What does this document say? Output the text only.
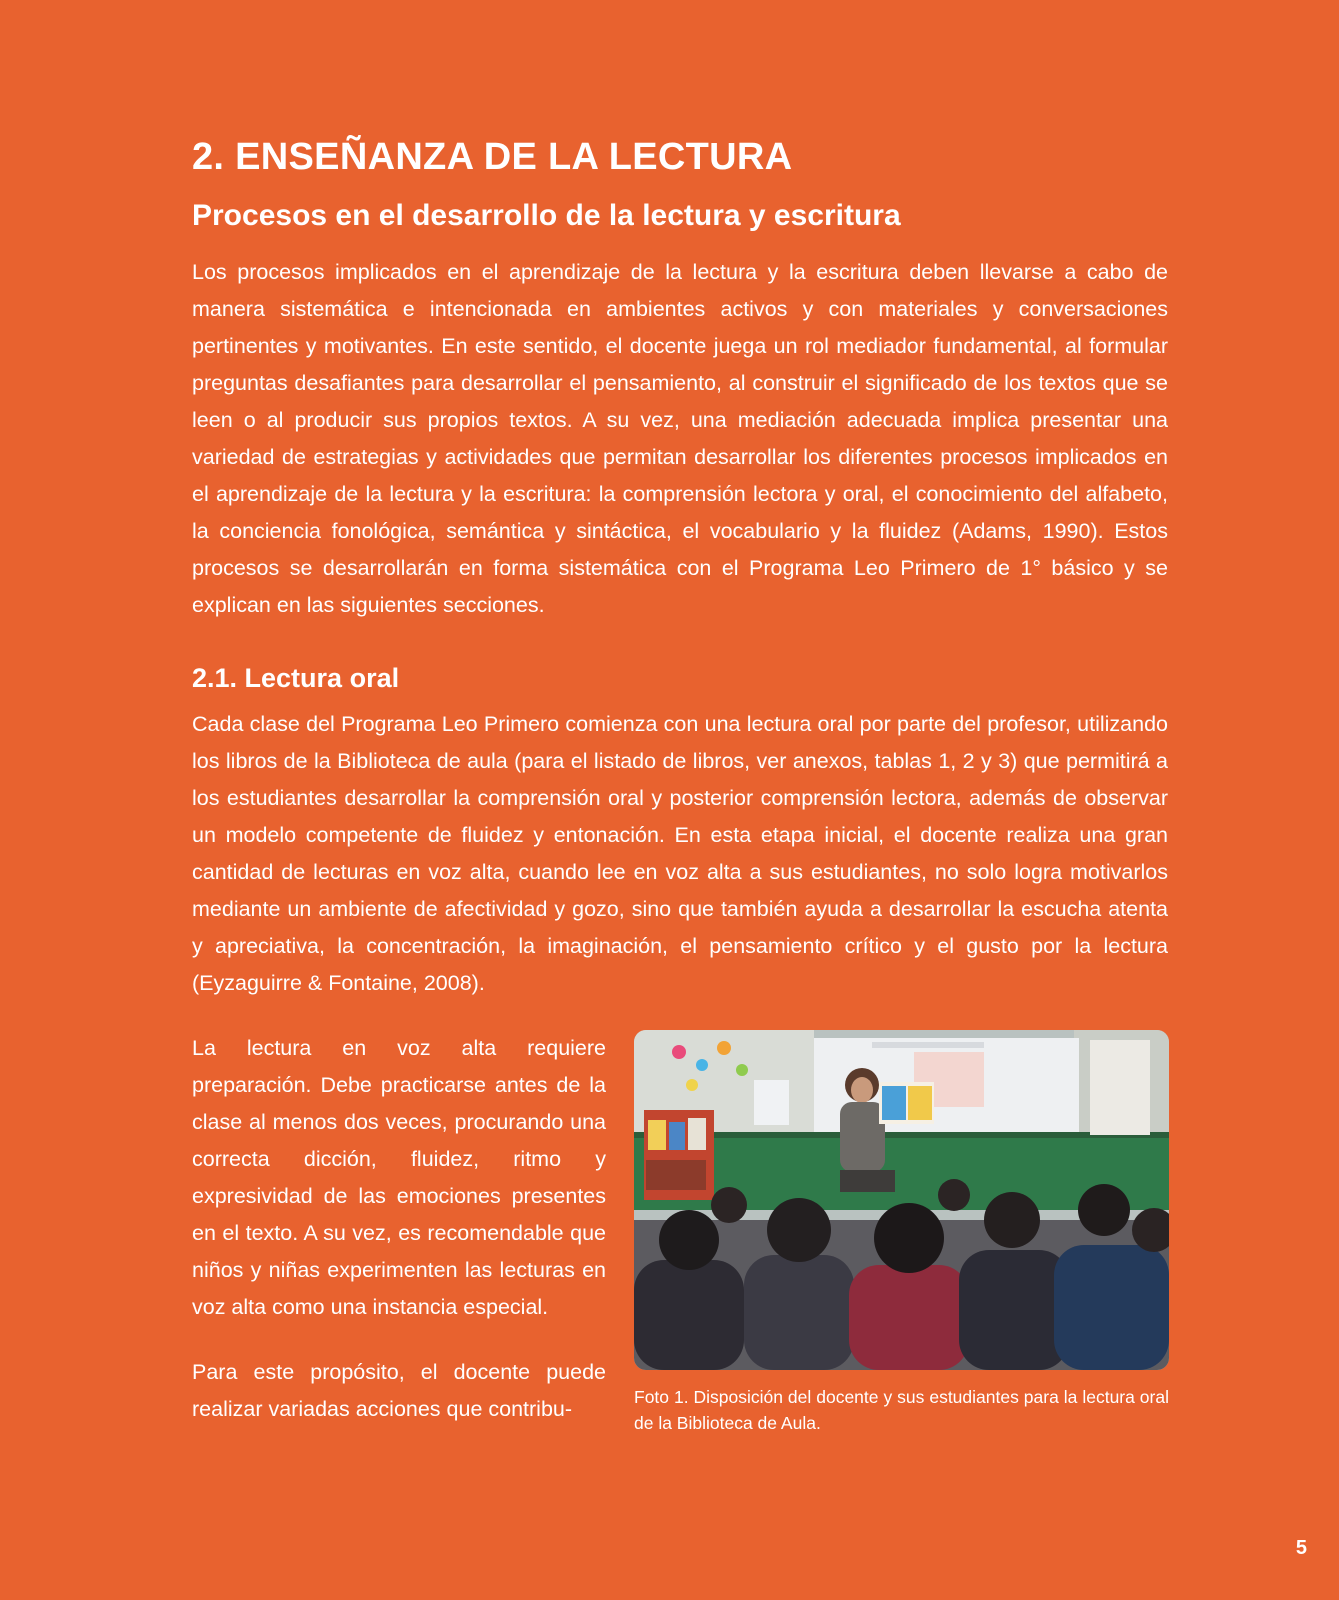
2. ENSEÑANZA DE LA LECTURA
Procesos en el desarrollo de la lectura y escritura

Los procesos implicados en el aprendizaje de la lectura y la escritura deben llevarse a cabo de manera sistemática e intencionada en ambientes activos y con materiales y conversaciones pertinentes y motivantes. En este sentido, el docente juega un rol mediador fundamental, al formular preguntas desafiantes para desarrollar el pensamiento, al construir el significado de los textos que se leen o al producir sus propios textos. A su vez, una mediación adecuada implica presentar una variedad de estrategias y actividades que permitan desarrollar los diferentes procesos implicados en el aprendizaje de la lectura y la escritura: la comprensión lectora y oral, el conocimiento del alfabeto, la conciencia fonológica, semántica y sintáctica, el vocabulario y la fluidez (Adams, 1990). Estos procesos se desarrollarán en forma sistemática con el Programa Leo Primero de 1° básico y se explican en las siguientes secciones.

2.1. Lectura oral

Cada clase del Programa Leo Primero comienza con una lectura oral por parte del profesor, utilizando los libros de la Biblioteca de aula (para el listado de libros, ver anexos, tablas 1, 2 y 3) que permitirá a los estudiantes desarrollar la comprensión oral y posterior comprensión lectora, además de observar un modelo competente de fluidez y entonación. En esta etapa inicial, el docente realiza una gran cantidad de lecturas en voz alta, cuando lee en voz alta a sus estudiantes, no solo logra motivarlos mediante un ambiente de afectividad y gozo, sino que también ayuda a desarrollar la escucha atenta y apreciativa, la concentración, la imaginación, el pensamiento crítico y el gusto por la lectura (Eyzaguirre & Fontaine, 2008).

La lectura en voz alta requiere preparación. Debe practicarse antes de la clase al menos dos veces, procurando una correcta dicción, fluidez, ritmo y expresividad de las emociones presentes en el texto. A su vez, es recomendable que niños y niñas experimenten las lecturas en voz alta como una instancia especial.

Para este propósito, el docente puede realizar variadas acciones que contribu-	Foto 1. Disposición del docente y sus estudiantes para la lectura oral de la Biblioteca de Aula.

5
